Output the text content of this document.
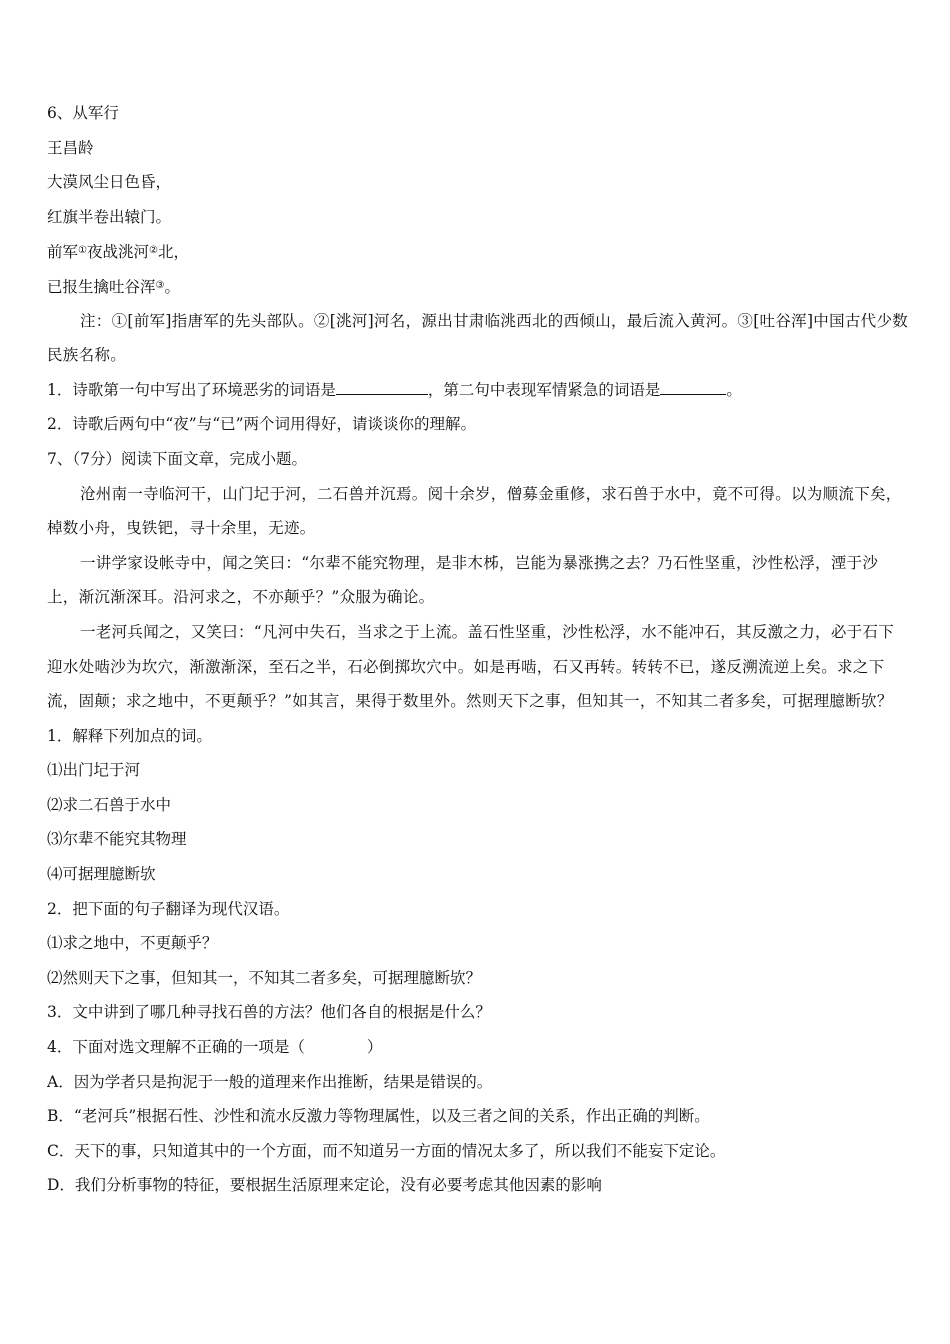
6、从军行
王昌龄
大漠风尘日色昏，
红旗半卷出辕门。
前军①夜战洮河②北，
已报生擒吐谷浑③。
注：①[前军]指唐军的先头部队。②[洮河]河名，源出甘肃临洮西北的西倾山，最后流入黄河。③[吐谷浑]中国古代少数民族名称。
1．诗歌第一句中写出了环境恶劣的词语是	，第二句中表现军情紧急的词语是	。
2．诗歌后两句中“夜”与“已”两个词用得好，请谈谈你的理解。
7、（7分）阅读下面文章，完成小题。
沧州南一寺临河干，山门圮于河，二石兽并沉焉。阅十余岁，僧募金重修，求石兽于水中，竟不可得。以为顺流下矣，棹数小舟，曳铁钯，寻十余里，无迹。
一讲学家设帐寺中，闻之笑曰：“尔辈不能究物理，是非木柹，岂能为暴涨携之去？乃石性坚重，沙性松浮，湮于沙上，渐沉渐深耳。沿河求之，不亦颠乎？”众服为确论。
一老河兵闻之，又笑曰：“凡河中失石，当求之于上流。盖石性坚重，沙性松浮，水不能冲石，其反激之力，必于石下迎水处啮沙为坎穴，渐激渐深，至石之半，石必倒掷坎穴中。如是再啮，石又再转。转转不已，遂反溯流逆上矣。求之下流，固颠；求之地中，不更颠乎？”如其言，果得于数里外。然则天下之事，但知其一，不知其二者多矣，可据理臆断欤？
1．解释下列加点的词。
⑴出门圮于河
⑵求二石兽于水中
⑶尔辈不能究其物理
⑷可据理臆断欤
2．把下面的句子翻译为现代汉语。
⑴求之地中，不更颠乎？
⑵然则天下之事，但知其一，不知其二者多矣，可据理臆断欤？
3．文中讲到了哪几种寻找石兽的方法？他们各自的根据是什么？
4．下面对选文理解不正确的一项是（	）
A．因为学者只是拘泥于一般的道理来作出推断，结果是错误的。
B．“老河兵”根据石性、沙性和流水反激力等物理属性，以及三者之间的关系，作出正确的判断。
C．天下的事，只知道其中的一个方面，而不知道另一方面的情况太多了，所以我们不能妄下定论。
D．我们分析事物的特征，要根据生活原理来定论，没有必要考虑其他因素的影响
